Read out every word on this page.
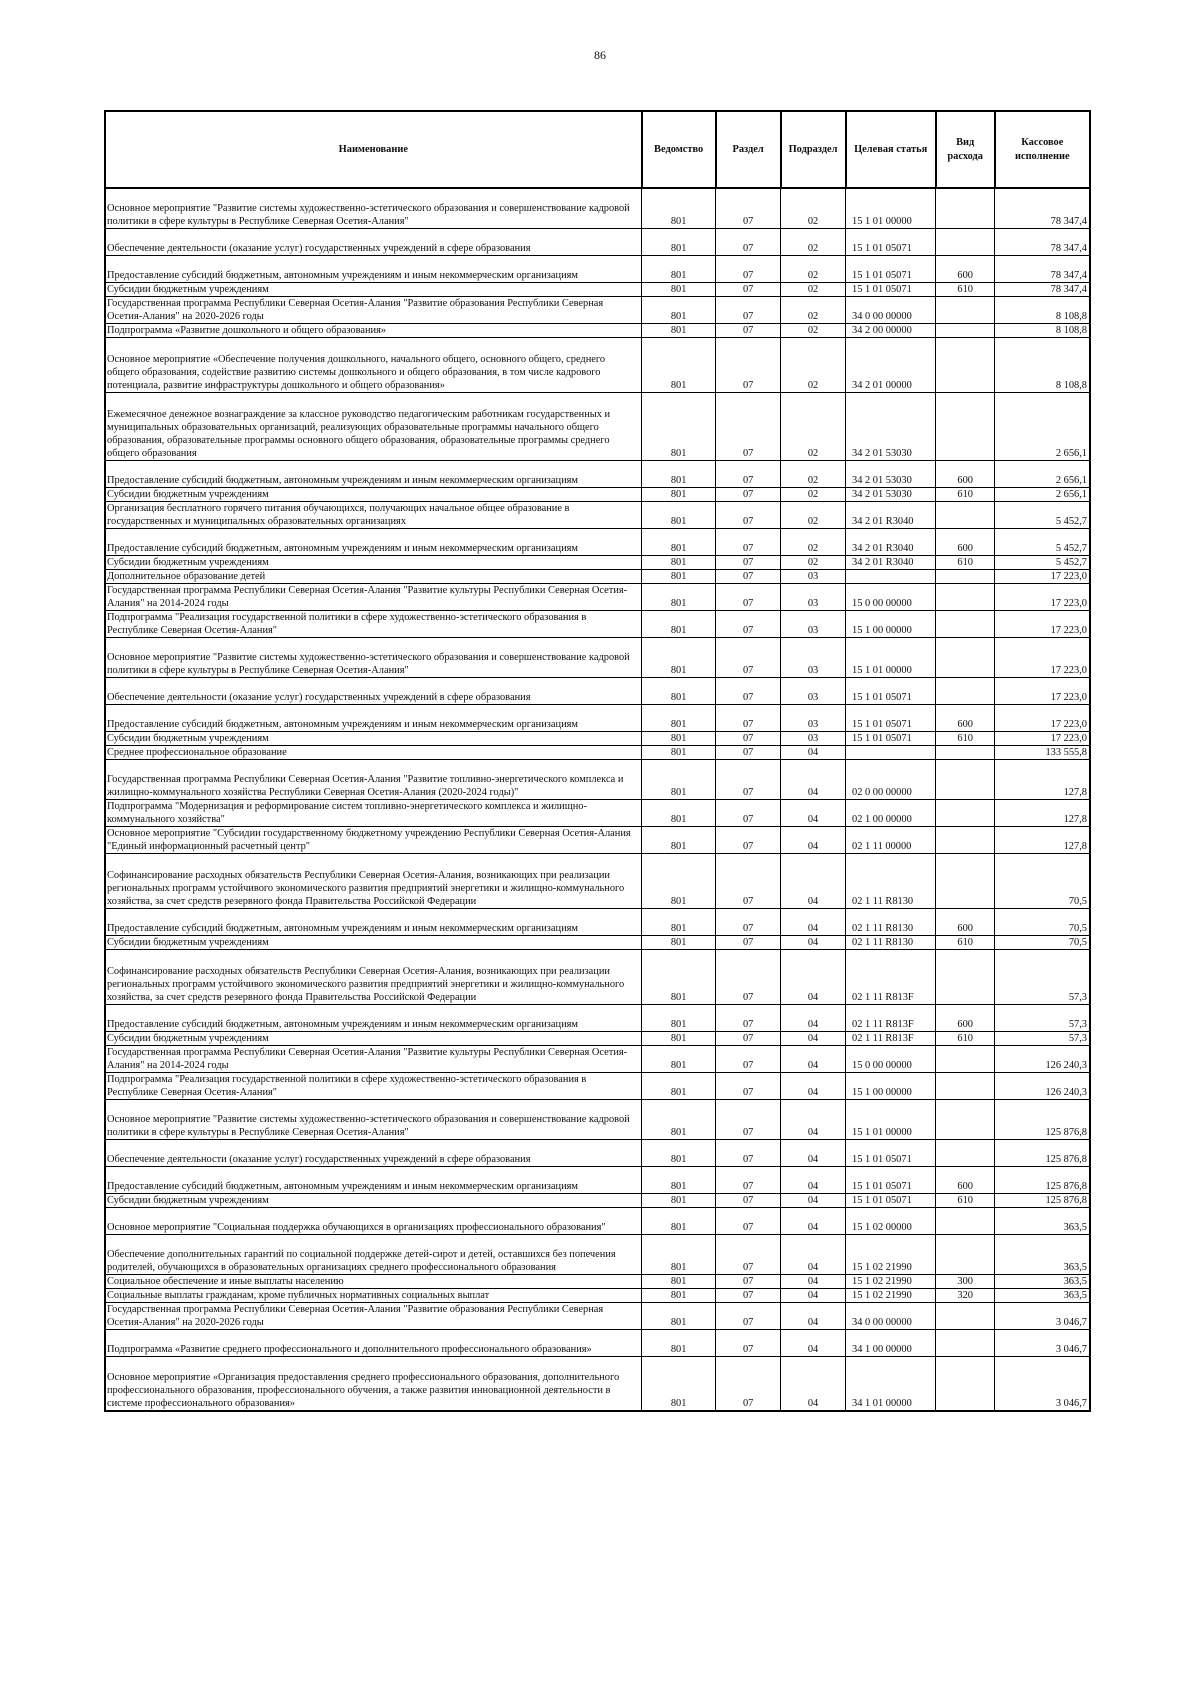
86
Наименование	Ведомство	Раздел	Подраздел	Целевая статья	Вид расхода	Кассовое исполнение
Основное мероприятие "Развитие системы художественно-эстетического образования и совершенствование кадровой политики в сфере культуры в Республике Северная Осетия-Алания"	801	07	02	15 1 01 00000		78 347,4
Обеспечение деятельности (оказание услуг) государственных учреждений в сфере образования	801	07	02	15 1 01 05071		78 347,4
Предоставление субсидий бюджетным, автономным учреждениям и иным некоммерческим организациям	801	07	02	15 1 01 05071	600	78 347,4
Субсидии бюджетным учреждениям	801	07	02	15 1 01 05071	610	78 347,4
Государственная программа Республики Северная Осетия-Алания "Развитие образования Республики Северная Осетия-Алания" на 2020-2026 годы	801	07	02	34 0 00 00000		8 108,8
Подпрограмма «Развитие дошкольного и общего образования»	801	07	02	34 2 00 00000		8 108,8
Основное мероприятие «Обеспечение получения дошкольного, начального общего, основного общего, среднего общего образования, содействие развитию системы дошкольного и общего образования, в том числе кадрового потенциала, развитие инфраструктуры дошкольного и общего образования»	801	07	02	34 2 01 00000		8 108,8
Ежемесячное денежное вознаграждение за классное руководство педагогическим работникам государственных и муниципальных образовательных организаций, реализующих образовательные программы начального общего образования, образовательные программы основного общего образования, образовательные программы среднего общего образования	801	07	02	34 2 01 53030		2 656,1
Предоставление субсидий бюджетным, автономным учреждениям и иным некоммерческим организациям	801	07	02	34 2 01 53030	600	2 656,1
Субсидии бюджетным учреждениям	801	07	02	34 2 01 53030	610	2 656,1
Организация бесплатного горячего питания обучающихся, получающих начальное общее образование в государственных и муниципальных образовательных организациях	801	07	02	34 2 01 R3040		5 452,7
Предоставление субсидий бюджетным, автономным учреждениям и иным некоммерческим организациям	801	07	02	34 2 01 R3040	600	5 452,7
Субсидии бюджетным учреждениям	801	07	02	34 2 01 R3040	610	5 452,7
Дополнительное образование детей	801	07	03			17 223,0
Государственная программа Республики Северная Осетия-Алания "Развитие культуры Республики Северная Осетия-Алания" на 2014-2024 годы	801	07	03	15 0 00 00000		17 223,0
Подпрограмма "Реализация государственной политики в сфере художественно-эстетического образования в Республике Северная Осетия-Алания"	801	07	03	15 1 00 00000		17 223,0
Основное мероприятие "Развитие системы художественно-эстетического образования и совершенствование кадровой политики в сфере культуры в Республике Северная Осетия-Алания"	801	07	03	15 1 01 00000		17 223,0
Обеспечение деятельности (оказание услуг) государственных учреждений в сфере образования	801	07	03	15 1 01 05071		17 223,0
Предоставление субсидий бюджетным, автономным учреждениям и иным некоммерческим организациям	801	07	03	15 1 01 05071	600	17 223,0
Субсидии бюджетным учреждениям	801	07	03	15 1 01 05071	610	17 223,0
Среднее профессиональное образование	801	07	04			133 555,8
Государственная программа Республики Северная Осетия-Алания "Развитие топливно-энергетического комплекса и жилищно-коммунального хозяйства Республики Северная Осетия-Алания (2020-2024 годы)"	801	07	04	02 0 00 00000		127,8
Подпрограмма "Модернизация и реформирование систем топливно-энергетического комплекса и жилищно-коммунального хозяйства"	801	07	04	02 1 00 00000		127,8
Основное мероприятие "Субсидии государственному бюджетному учреждению Республики Северная Осетия-Алания "Единый информационный расчетный центр"	801	07	04	02 1 11 00000		127,8
Софинансирование расходных обязательств Республики Северная Осетия-Алания, возникающих при реализации региональных программ устойчивого экономического развития предприятий энергетики и жилищно-коммунального хозяйства, за счет средств резервного фонда Правительства Российской Федерации	801	07	04	02 1 11 R8130		70,5
Предоставление субсидий бюджетным, автономным учреждениям и иным некоммерческим организациям	801	07	04	02 1 11 R8130	600	70,5
Субсидии бюджетным учреждениям	801	07	04	02 1 11 R8130	610	70,5
Софинансирование расходных обязательств Республики Северная Осетия-Алания, возникающих при реализации региональных программ устойчивого экономического развития предприятий энергетики и жилищно-коммунального хозяйства, за счет средств резервного фонда Правительства Российской Федерации	801	07	04	02 1 11 R813F		57,3
Предоставление субсидий бюджетным, автономным учреждениям и иным некоммерческим организациям	801	07	04	02 1 11 R813F	600	57,3
Субсидии бюджетным учреждениям	801	07	04	02 1 11 R813F	610	57,3
Государственная программа Республики Северная Осетия-Алания "Развитие культуры Республики Северная Осетия-Алания" на 2014-2024 годы	801	07	04	15 0 00 00000		126 240,3
Подпрограмма "Реализация государственной политики в сфере художественно-эстетического образования в Республике Северная Осетия-Алания"	801	07	04	15 1 00 00000		126 240,3
Основное мероприятие "Развитие системы художественно-эстетического образования и совершенствование кадровой политики в сфере культуры в Республике Северная Осетия-Алания"	801	07	04	15 1 01 00000		125 876,8
Обеспечение деятельности (оказание услуг) государственных учреждений в сфере образования	801	07	04	15 1 01 05071		125 876,8
Предоставление субсидий бюджетным, автономным учреждениям и иным некоммерческим организациям	801	07	04	15 1 01 05071	600	125 876,8
Субсидии бюджетным учреждениям	801	07	04	15 1 01 05071	610	125 876,8
Основное мероприятие "Социальная поддержка обучающихся в организациях профессионального образования"	801	07	04	15 1 02 00000		363,5
Обеспечение дополнительных гарантий по социальной поддержке детей-сирот и детей, оставшихся без попечения родителей, обучающихся в образовательных организациях среднего профессионального образования	801	07	04	15 1 02 21990		363,5
Социальное обеспечение и иные выплаты населению	801	07	04	15 1 02 21990	300	363,5
Социальные выплаты гражданам, кроме публичных нормативных социальных выплат	801	07	04	15 1 02 21990	320	363,5
Государственная программа Республики Северная Осетия-Алания "Развитие образования Республики Северная Осетия-Алания" на 2020-2026 годы	801	07	04	34 0 00 00000		3 046,7
Подпрограмма «Развитие среднего профессионального и дополнительного профессионального образования»	801	07	04	34 1 00 00000		3 046,7
Основное мероприятие «Организация предоставления среднего профессионального образования, дополнительного профессионального образования, профессионального обучения, а также развития инновационной деятельности в системе профессионального образования»	801	07	04	34 1 01 00000		3 046,7
